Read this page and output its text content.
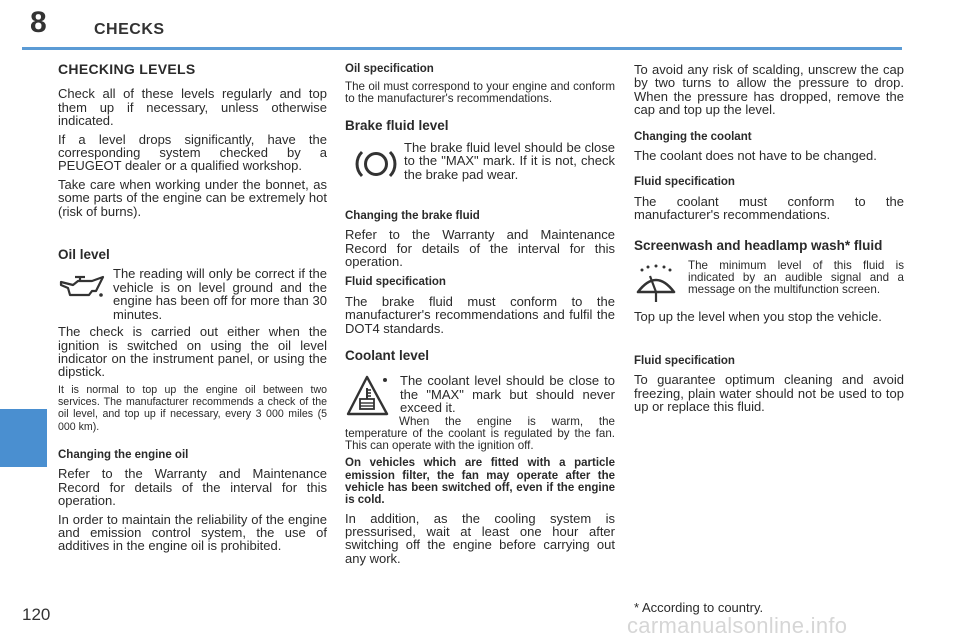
8	CHECKS
CHECKING LEVELS

Check all of these levels regularly and top them up if necessary, unless otherwise indicated.

If a level drops significantly, have the corresponding system checked by a PEUGEOT dealer or a qualified workshop.

Take care when working under the bonnet, as some parts of the engine can be extremely hot (risk of burns).

Oil level

The reading will only be correct if the vehicle is on level ground and the engine has been off for more than 30 minutes.

The check is carried out either when the ignition is switched on using the oil level indicator on the instrument panel, or using the dipstick.

It is normal to top up the engine oil between two services. The manufacturer recommends a check of the oil level, and top up if necessary, every 3 000 miles (5 000 km).

Changing the engine oil

Refer to the Warranty and Maintenance Record for details of the interval for this operation.

In order to maintain the reliability of the engine and emission control system, the use of additives in the engine oil is prohibited.

Oil specification

The oil must correspond to your engine and conform to the manufacturer's recommendations.

Brake fluid level

The brake fluid level should be close to the "MAX" mark. If it is not, check the brake pad wear.

Changing the brake fluid

Refer to the Warranty and Maintenance Record for details of the interval for this operation.

Fluid specification

The brake fluid must conform to the manufacturer's recommendations and fulfil the DOT4 standards.

Coolant level

The coolant level should be close to the "MAX" mark but should never exceed it.

When the engine is warm, the temperature of the coolant is regulated by the fan. This can operate with the ignition off.

On vehicles which are fitted with a particle emission filter, the fan may operate after the vehicle has been switched off, even if the engine is cold.

In addition, as the cooling system is pressurised, wait at least one hour after switching off the engine before carrying out any work.

To avoid any risk of scalding, unscrew the cap by two turns to allow the pressure to drop. When the pressure has dropped, remove the cap and top up the level.

Changing the coolant

The coolant does not have to be changed.

Fluid specification

The coolant must conform to the manufacturer's recommendations.

Screenwash and headlamp wash* fluid

The minimum level of this fluid is indicated by an audible signal and a message on the multifunction screen.

Top up the level when you stop the vehicle.

Fluid specification

To guarantee optimum cleaning and avoid freezing, plain water should not be used to top up or replace this fluid.

* According to country.
120	carmanualsonline.info
